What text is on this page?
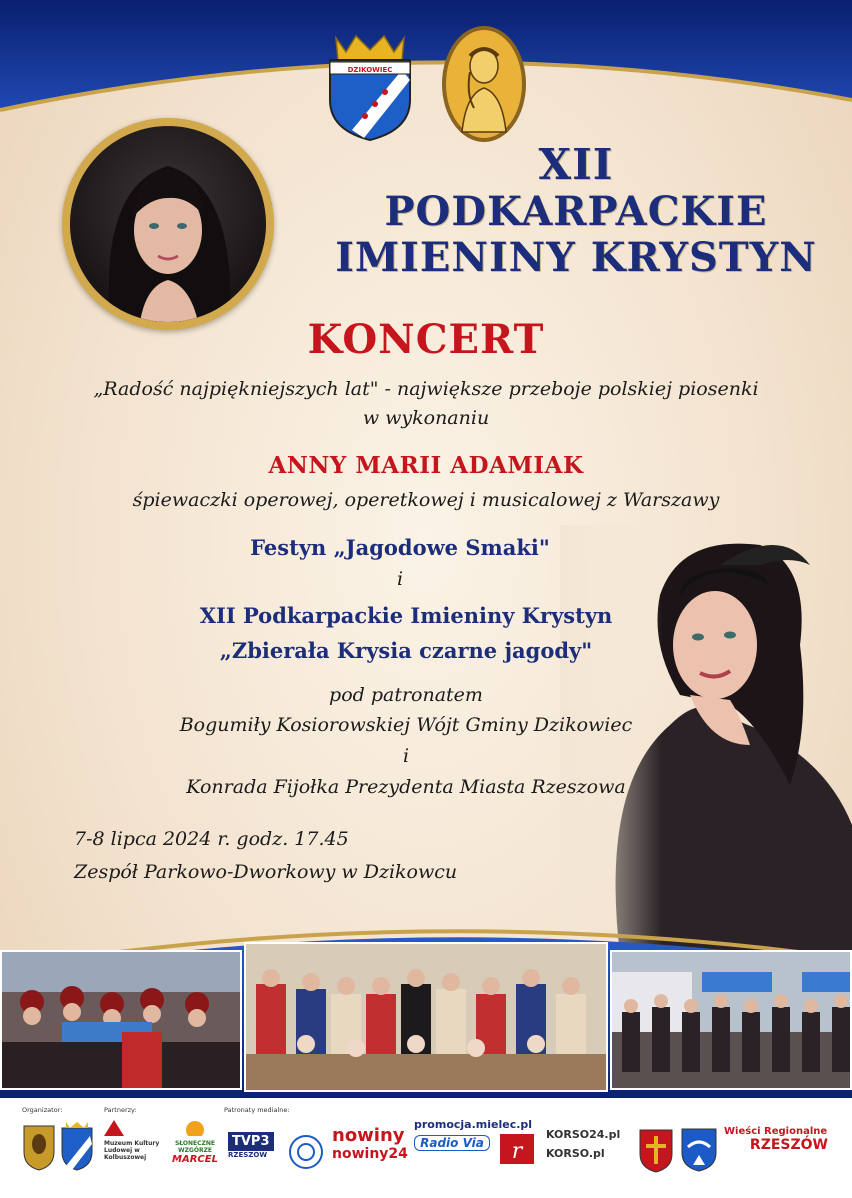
DZIKOWIEC
XII
PODKARPACKIE
IMIENINY KRYSTYN
KONCERT
„Radość najpiękniejszych lat" - największe przeboje polskiej piosenki
w wykonaniu
ANNY MARII ADAMIAK
śpiewaczki operowej, operetkowej i musicalowej z Warszawy
Festyn „Jagodowe Smaki"
i
XII Podkarpackie Imieniny Krystyn
„Zbierała Krysia czarne jagody"
pod patronatem
Bogumiły Kosiorowskiej Wójt Gminy Dzikowiec
i
Konrada Fijołka Prezydenta Miasta Rzeszowa
7-8 lipca 2024 r. godz. 17.45
Zespół Parkowo-Dworkowy w Dzikowcu
Organizator:	Partnerzy:	Patronaty medialne:
Muzeum Kultury Ludowej w Kolbuszowej
SŁONECZNE WZGÓRZE
MARCEL
TVP3
RZESZÓW
nowiny
nowiny24
promocja.mielec.pl
Radio Via r
KORSO24.pl
KORSO.pl
Wieści Regionalne
RZESZÓW
